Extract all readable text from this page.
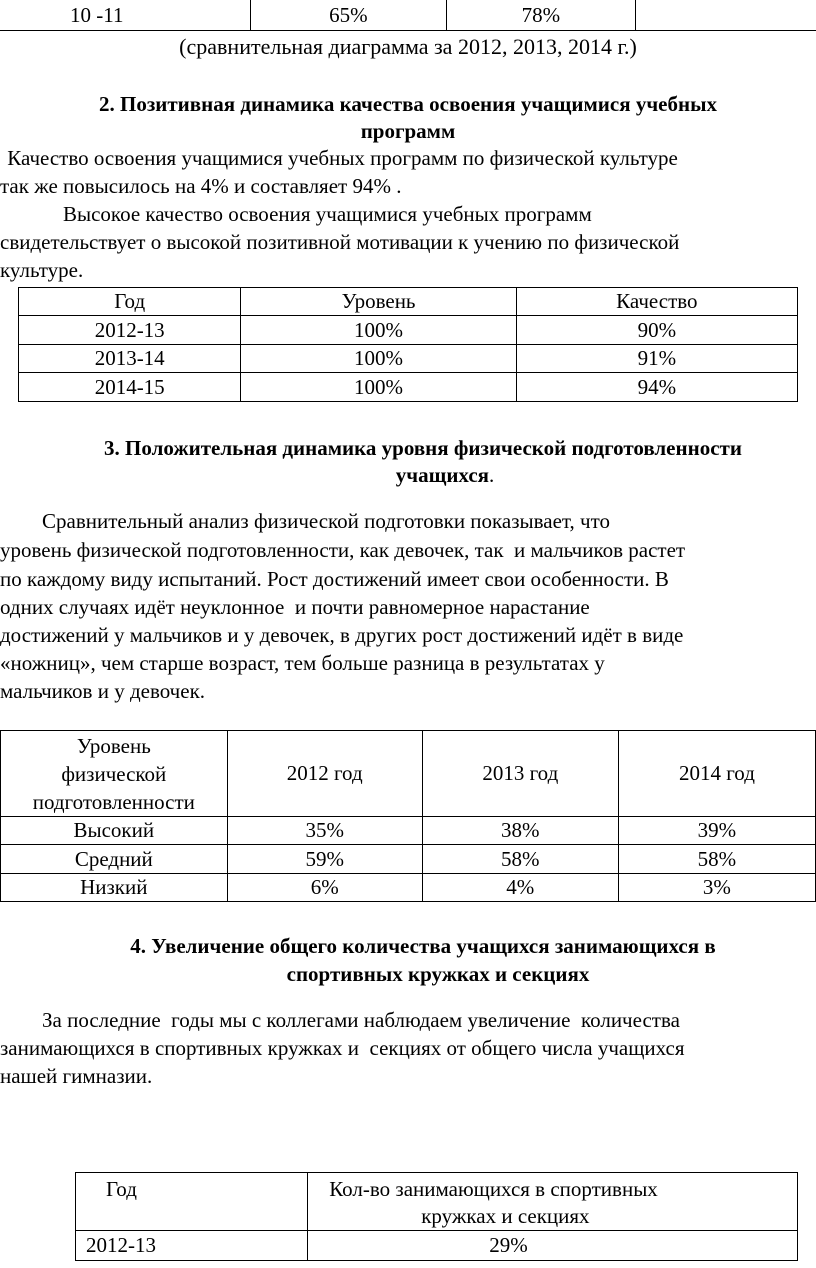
10 -11	65%	78%	
(сравнительная диаграмма за 2012, 2013, 2014 г.)
2. Позитивная динамика качества освоения учащимися учебных
программ
Качество освоения учащимися учебных программ по физической культуре
так же повысилось на 4% и составляет 94% .
Высокое качество освоения учащимися учебных программ
свидетельствует о высокой позитивной мотивации к учению по физической
культуре.
Год	Уровень	Качество
2012-13	100%	90%
2013-14	100%	91%
2014-15	100%	94%
3. Положительная динамика уровня физической подготовленности
учащихся.
Сравнительный анализ физической подготовки показывает, что
уровень физической подготовленности, как девочек, так  и мальчиков растет
по каждому виду испытаний. Рост достижений имеет свои особенности. В
одних случаях идёт неуклонное  и почти равномерное нарастание
достижений у мальчиков и у девочек, в других рост достижений идёт в виде
«ножниц», чем старше возраст, тем больше разница в результатах у
мальчиков и у девочек.
Уровень
физической
подготовленности	2012 год	2013 год	2014 год
Высокий	35%	38%	39%
Средний	59%	58%	58%
Низкий	6%	4%	3%
4. Увеличение общего количества учащихся занимающихся в
спортивных кружках и секциях
За последние  годы мы с коллегами наблюдаем увеличение  количества
занимающихся в спортивных кружках и  секциях от общего числа учащихся
нашей гимназии.
Год	Кол-во занимающихся в спортивных
кружках и секциях

2012-13	29%
